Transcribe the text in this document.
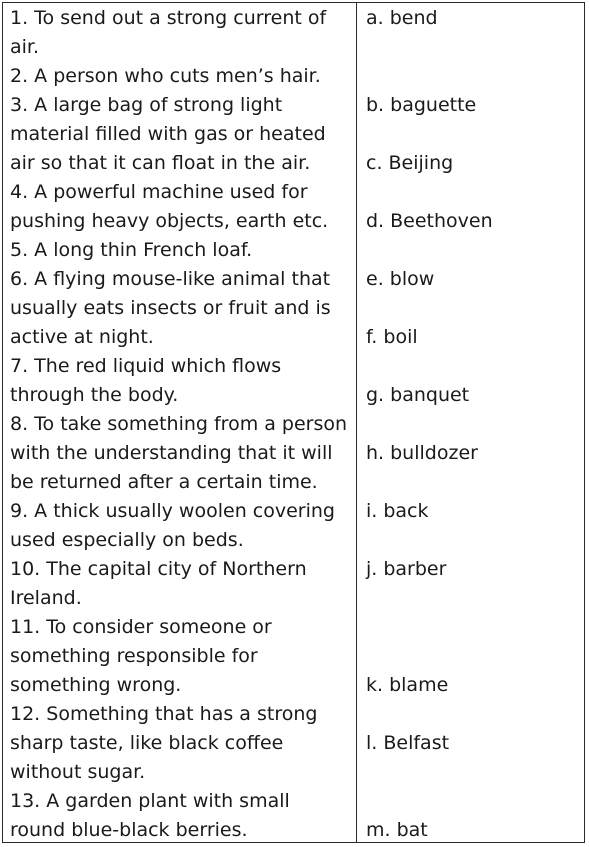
1. To send out a strong current of
air.
2. A person who cuts men’s hair.
3. A large bag of strong light
material filled with gas or heated
air so that it can float in the air.
4. A powerful machine used for
pushing heavy objects, earth etc.
5. A long thin French loaf.
6. A flying mouse-like animal that
usually eats insects or fruit and is
active at night.
7. The red liquid which flows
through the body.
8. To take something from a person
with the understanding that it will
be returned after a certain time.
9. A thick usually woolen covering
used especially on beds.
10. The capital city of Northern
Ireland.
11. To consider someone or
something responsible for
something wrong.
12. Something that has a strong
sharp taste, like black coffee
without sugar.
13. A garden plant with small
round blue-black berries.
a. bend
b. baguette
c. Beijing
d. Beethoven
e. blow
f. boil
g. banquet
h. bulldozer
i. back
j. barber
k. blame
l. Belfast
m. bat
